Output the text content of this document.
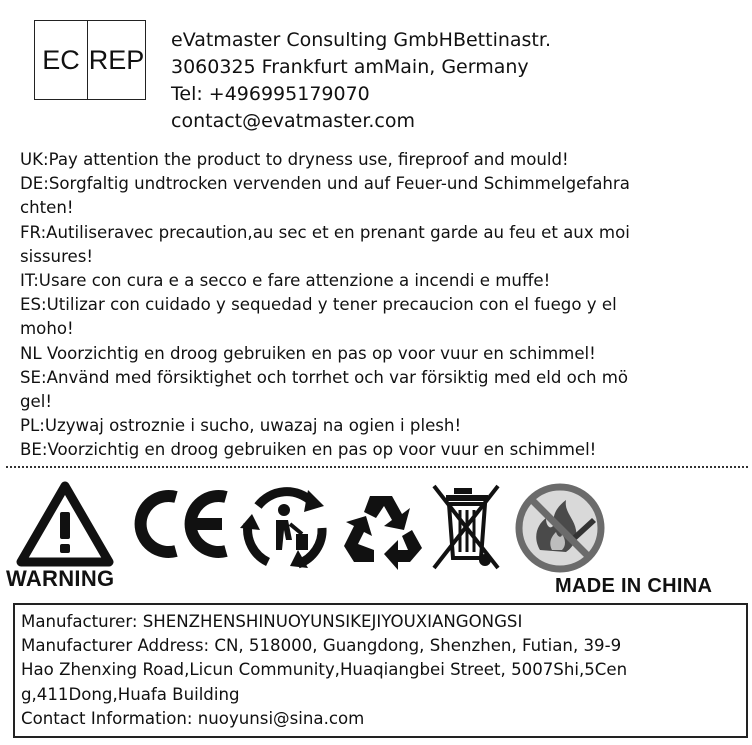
EC REP
eVatmaster Consulting GmbHBettinastr.
3060325 Frankfurt amMain, Germany
Tel: +496995179070
contact@evatmaster.com
UK:Pay attention the product to dryness use, fireproof and mould!
DE:Sorgfaltig undtrocken vervenden und auf Feuer-und Schimmelgefahra
chten!
FR:Autiliseravec precaution,au sec et en prenant garde au feu et aux moi
sissures!
IT:Usare con cura e a secco e fare attenzione a incendi e muffe!
ES:Utilizar con cuidado y sequedad y tener precaucion con el fuego y el
moho!
NL Voorzichtig en droog gebruiken en pas op voor vuur en schimmel!
SE:Använd med försiktighet och torrhet och var försiktig med eld och mö
gel!
PL:Uzywaj ostroznie i sucho, uwazaj na ogien i plesh!
BE:Voorzichtig en droog gebruiken en pas op voor vuur en schimmel!
WARNING	MADE IN CHINA
Manufacturer: SHENZHENSHINUOYUNSIKEJIYOUXIANGONGSI
Manufacturer Address: CN, 518000, Guangdong, Shenzhen, Futian, 39-9
Hao Zhenxing Road,Licun Community,Huaqiangbei Street, 5007Shi,5Cen
g,411Dong,Huafa Building
Contact Information: nuoyunsi@sina.com
